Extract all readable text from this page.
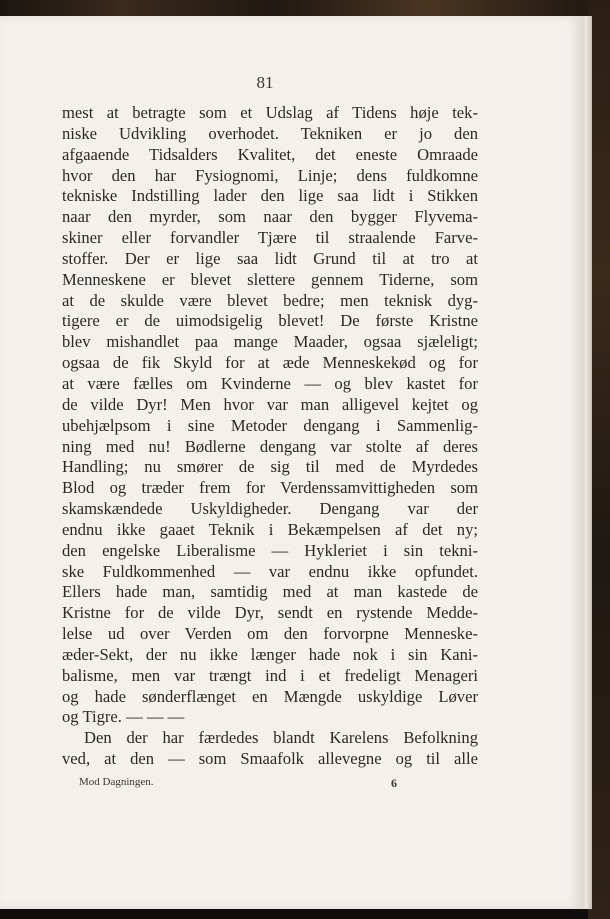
81
mest at betragte som et Udslag af Tidens høje tek-
niske Udvikling overhodet. Tekniken er jo den
afgaaende Tidsalders Kvalitet, det eneste Omraade
hvor den har Fysiognomi, Linje; dens fuldkomne
tekniske Indstilling lader den lige saa lidt i Stikken
naar den myrder, som naar den bygger Flyvema-
skiner eller forvandler Tjære til straalende Farve-
stoffer. Der er lige saa lidt Grund til at tro at
Menneskene er blevet slettere gennem Tiderne, som
at de skulde være blevet bedre; men teknisk dyg-
tigere er de uimodsigelig blevet! De første Kristne
blev mishandlet paa mange Maader, ogsaa sjæleligt;
ogsaa de fik Skyld for at æde Menneskekød og for
at være fælles om Kvinderne — og blev kastet for
de vilde Dyr! Men hvor var man alligevel kejtet og
ubehjælpsom i sine Metoder dengang i Sammenlig-
ning med nu! Bødlerne dengang var stolte af deres
Handling; nu smører de sig til med de Myrdedes
Blod og træder frem for Verdenssamvittigheden som
skamskændede Uskyldigheder. Dengang var der
endnu ikke gaaet Teknik i Bekæmpelsen af det ny;
den engelske Liberalisme — Hykleriet i sin tekni-
ske Fuldkommenhed — var endnu ikke opfundet.
Ellers hade man, samtidig med at man kastede de
Kristne for de vilde Dyr, sendt en rystende Medde-
lelse ud over Verden om den forvorpne Menneske-
æder-Sekt, der nu ikke længer hade nok i sin Kani-
balisme, men var trængt ind i et fredeligt Menageri
og hade sønderflænget en Mængde uskyldige Løver
og Tigre. — — —
Den der har færdedes blandt Karelens Befolkning
ved, at den — som Smaafolk allevegne og til alle
Mod Dagningen.	6
